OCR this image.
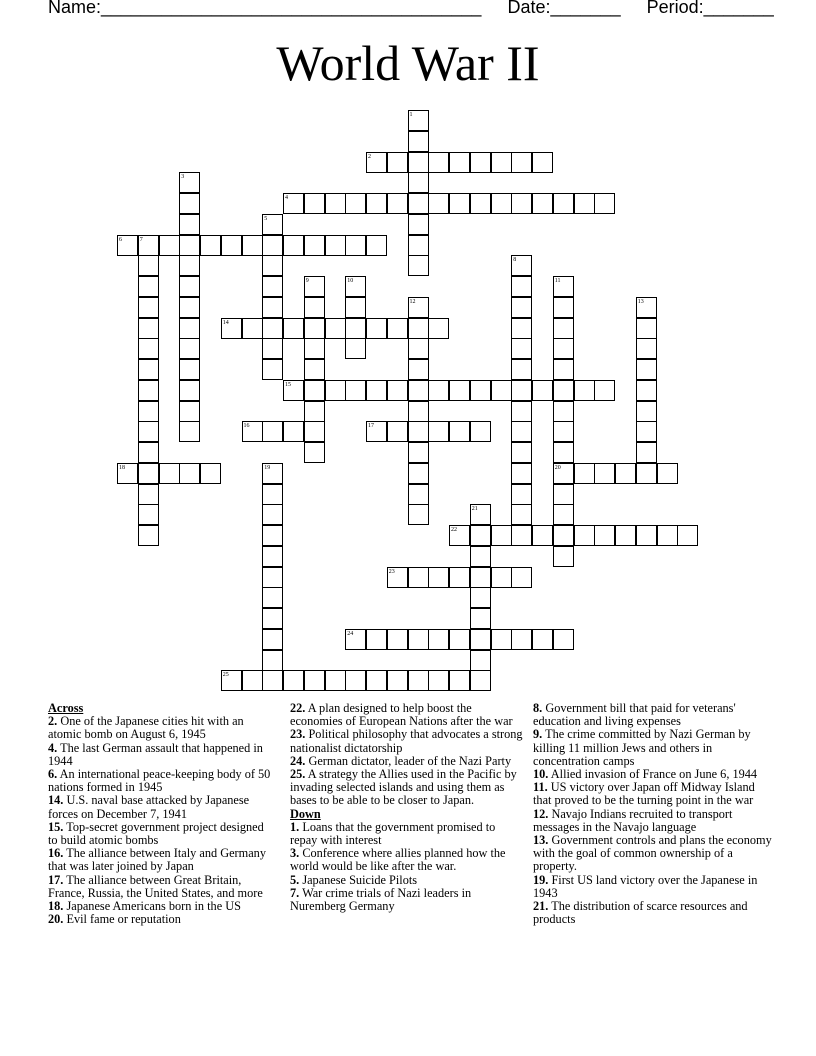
Name:______________________________________ Date:_______ Period:_______
World War II
1
2
3
4
5
6	7
8
9	10	11
12	13
14
15
16	17
18	19	20
21
22
23
24
25
Across
2. One of the Japanese cities hit with an atomic bomb on August 6, 1945
4. The last German assault that happened in 1944
6. An international peace-keeping body of 50 nations formed in 1945
14. U.S. naval base attacked by Japanese forces on December 7, 1941
15. Top-secret government project designed to build atomic bombs
16. The alliance between Italy and Germany that was later joined by Japan
17. The alliance between Great Britain, France, Russia, the United States, and more
18. Japanese Americans born in the US
20. Evil fame or reputation
22. A plan designed to help boost the economies of European Nations after the war
23. Political philosophy that advocates a strong nationalist dictatorship
24. German dictator, leader of the Nazi Party
25. A strategy the Allies used in the Pacific by invading selected islands and using them as bases to be able to be closer to Japan.
Down
1. Loans that the government promised to repay with interest
3. Conference where allies planned how the world would be like after the war.
5. Japanese Suicide Pilots
7. War crime trials of Nazi leaders in Nuremberg Germany
8. Government bill that paid for veterans' education and living expenses
9. The crime committed by Nazi German by killing 11 million Jews and others in concentration camps
10. Allied invasion of France on June 6, 1944
11. US victory over Japan off Midway Island that proved to be the turning point in the war
12. Navajo Indians recruited to transport messages in the Navajo language
13. Government controls and plans the economy with the goal of common ownership of a property.
19. First US land victory over the Japanese in 1943
21. The distribution of scarce resources and products
